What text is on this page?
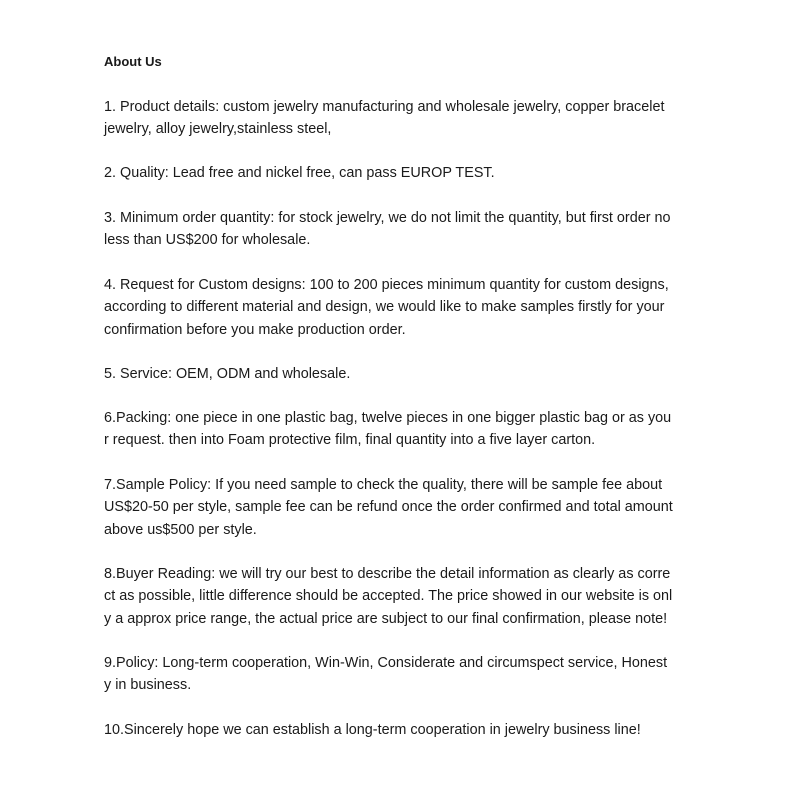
About Us

1. Product details: custom jewelry manufacturing and wholesale jewelry, copper bracelet
jewelry, alloy jewelry,stainless steel,

2. Quality: Lead free and nickel free, can pass EUROP TEST.

3. Minimum order quantity: for stock jewelry, we do not limit the quantity, but first order no
less than US$200 for wholesale.

4. Request for Custom designs: 100 to 200 pieces minimum quantity for custom designs,
according to different material and design, we would like to make samples firstly for your
confirmation before you make production order.

5. Service: OEM, ODM and wholesale.

6.Packing: one piece in one plastic bag, twelve pieces in one bigger plastic bag or as you
r request. then into Foam protective film, final quantity into a five layer carton.

7.Sample Policy: If you need sample to check the quality, there will be sample fee about
US$20-50 per style, sample fee can be refund once the order confirmed and total amount
above us$500 per style.

8.Buyer Reading: we will try our best to describe the detail information as clearly as corre
ct as possible, little difference should be accepted. The price showed in our website is onl
y a approx price range, the actual price are subject to our final confirmation, please note!

9.Policy: Long-term cooperation, Win-Win, Considerate and circumspect service, Honest
y in business.

10.Sincerely hope we can establish a long-term cooperation in jewelry business line!
